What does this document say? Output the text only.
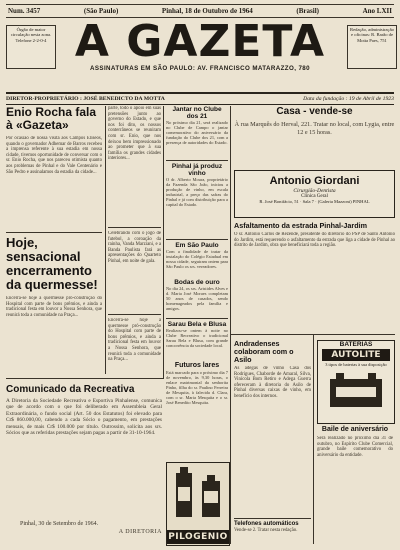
Num. 3457	(São Paulo)	Pinhal, 18 de Outubro de 1964	(Brasil)	Ano LXII
Órgão de maior circulação nesta zona. Telefone 2-2-0-4
Redação, administração e oficinas: R. Barão de Motta Paes, 751
A GAZETA
ASSINATURAS EM SÃO PAULO: AV. FRANCISCO MATARAZZO, 780
DIRETOR-PROPRIETÁRIO : JOSÉ BENEDICTO DA MOTTA	Data da fundação : 19 de Abril de 1923
Enio Rocha fala à «Gazeta»
Por ocasião de nossa visita aos Campos Eliseos, quando o governador Adhemar de Barros recebeu a imprensa referente à sua estadia em nossa cidade, tivemos oportunidade de conversar com o sr. Enio Rocha, que nos pareceu otimista quanto aos problemas de Pinhal e do Vale Centenário e São Pedro e assinalamos da estadia da cidade...
Hoje, sensacional encerramento da quermesse!
Encerra-se hoje a quermesse pró-construção do Hospital com parte de bons prêmios, e ainda a tradicional festa em louvor a Nossa Senhora, que reunirá toda a comunidade na Praça...
parte, todo o apoio em suas pretensões junto ao governo do Estado, e que nos foi dito, os nossos conterrâneos se reuniram com sr. Enio, que nos deixou bem impressionado ao prometer que à sua família os grandes cidades interiores...
Celebrando com o jogo de futebol, a coroação da rainha, Vanda Marziani, e a Banda Paulista fará as apresentações do Quarteto Pinhal, em noite de gala.
Encerra-se hoje a quermesse pró-construção do Hospital com parte de bons prêmios, e ainda a tradicional festa em louvor a Nossa Senhora, que reunirá toda a comunidade na Praça...
Jantar no Clube dos 21
No próximo dia 21, será realizado no Clube de Campo o jantar comemorativo do aniversário da fundação do Clube dos 21, com a presença de autoridades do Estado.
Pinhal já produz vinho
O dr. Alberto Moura, proprietário da Fazenda São João, iniciou a produção de vinho, em escala industrial, a preço das safras do Pinhal e já com distribuição para a capital do Estado.
Em São Paulo
Com a finalidade de tratar da instalação do Colégio Estadual em nossa cidade, seguiram ontem para São Paulo os srs. vereadores.
Bodas de ouro
No dia 24, os srs. Aristides Alves e d. Maria José Moraes completam 50 anos de casados, sendo homenageados pela família e amigos.
Sarau Bela e Blusa
Realizou-se ontem à noite no Clube Recreativo o tradicional Sarau Bela e Blusa, com grande concorrência da sociedade local.
Futuros lares
Está marcado para o próximo dia 7 de novembro, às 9,30 horas, o enlace matrimonial da senhorita Pinho, filha do sr. Paulino Ferreira de Mesquita, à falecida d. Clara, com o sr. Maria Mesquita e o sr. José Benedito Mesquita.
PILOGENIO
Comunicado da Recreativa
A Diretoria da Sociedade Recreativa e Esportiva Pinhalense, comunica que de acordo com o que foi deliberado em Assembleia Geral Extraordinária, o fundo social (Art. 50 dos Estatutos) foi elevado para Cr$ 860.000,00, cabendo a cada Sócio o pagamento, em prestações mensais, de mais Cr$ 100.000 por título. Outrossim, solicita aos srs. Sócios que as referidas prestações sejam pagas a partir de 31-10-1964.
Pinhal, 30 de Setembro de 1964.
A DIRETORIA
Casa - vende-se
À rua Marquês do Herval, 221. Tratar no local, com Lygia, entre 12 e 15 horas.
Antonio Giordani
Cirurgião-Dentista
Clínica Geral
R. José Bonifácio, 51 · Sala 7 · (Galeria Mazzoni) PINHAL
Asfaltamento da estrada Pinhal-Jardim
O sr. Antonio Carlos de Rezende, presidente do diretório do PSP de Santo Antonio do Jardim, está requerendo o asfaltamento da estrada que liga a cidade de Pinhal ao distrito de Jardim, obra que beneficiará toda a região.
Andradenses colaboram com o Asilo
As adegas de vinho Casa dos Rodrigues, Chaborde de Amaral, Silva, Vinícola Bom Retiro e Adega Guerra ofereceram à diretoria do Asilo de Pinhal diversas caixas de vinho, em benefício dos internos.
Telefones automáticos
Vende-se 2. Tratar nesta redação.
BATERIAS
AUTOLITE
3 tipos de baterias à sua disposição
Baile de aniversário
Será realizado no próximo dia 31 de outubro, no Espírito Clube Comercial, grande baile comemorativo do aniversário da entidade.
